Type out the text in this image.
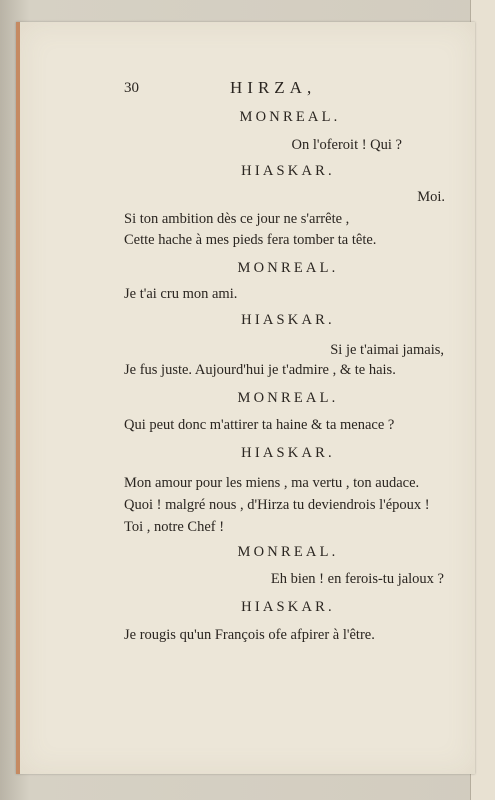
30	HIRZA,
MONREAL.
On l'oferoit ! Qui ?
HIASKAR.
Moi.
Si ton ambition dès ce jour ne s'arrête ,
Cette hache à mes pieds fera tomber ta tête.
MONREAL.
Je t'ai cru mon ami.
HIASKAR.
Si je t'aimai jamais,
Je fus juste. Aujourd'hui je t'admire , & te hais.
MONREAL.
Qui peut donc m'attirer ta haine & ta menace ?
HIASKAR.
Mon amour pour les miens , ma vertu , ton audace.
Quoi ! malgré nous , d'Hirza tu deviendrois l'époux !
Toi , notre Chef !
MONREAL.
Eh bien ! en ferois-tu jaloux ?
HIASKAR.
Je rougis qu'un François ofe afpirer à l'être.
